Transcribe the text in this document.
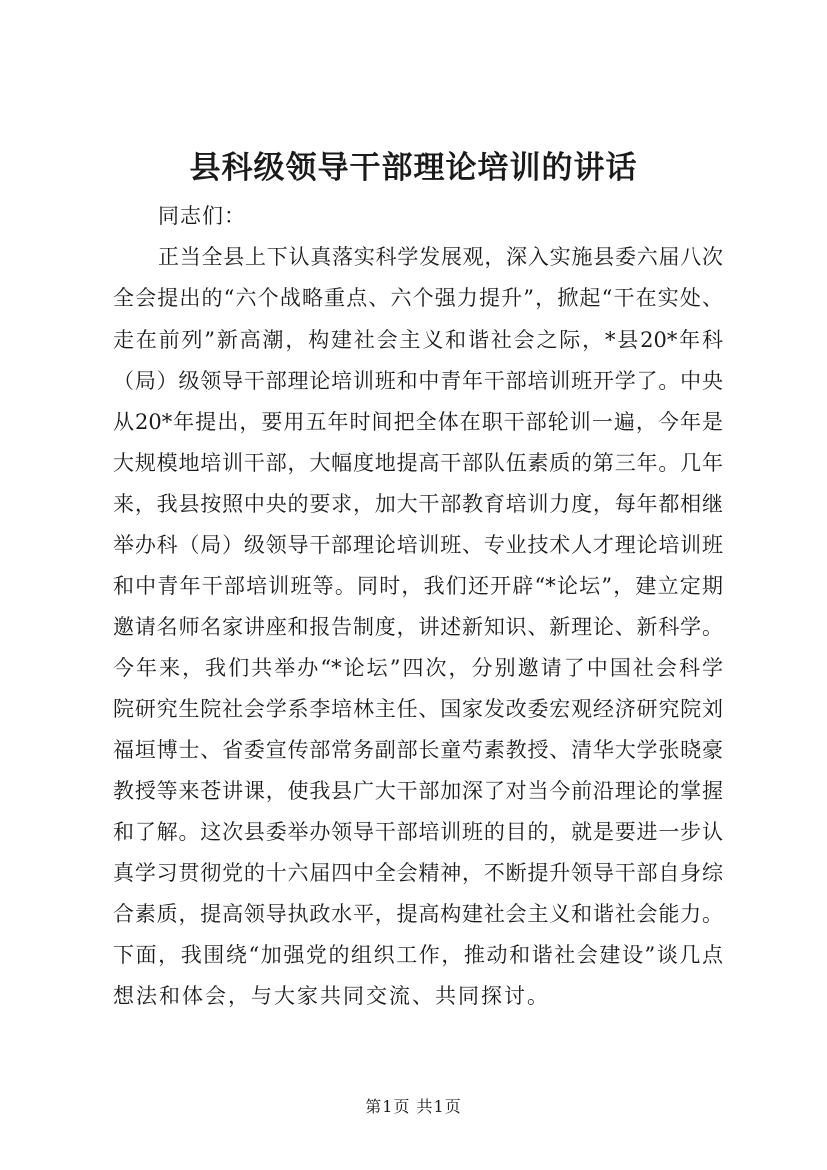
县科级领导干部理论培训的讲话
同志们：
正当全县上下认真落实科学发展观，深入实施县委六届八次
全会提出的“六个战略重点、六个强力提升”，掀起“干在实处、
走在前列”新高潮，构建社会主义和谐社会之际，*县20*年科
（局）级领导干部理论培训班和中青年干部培训班开学了。中央
从20*年提出，要用五年时间把全体在职干部轮训一遍，今年是
大规模地培训干部，大幅度地提高干部队伍素质的第三年。几年
来，我县按照中央的要求，加大干部教育培训力度，每年都相继
举办科（局）级领导干部理论培训班、专业技术人才理论培训班
和中青年干部培训班等。同时，我们还开辟“*论坛”，建立定期
邀请名师名家讲座和报告制度，讲述新知识、新理论、新科学。
今年来，我们共举办“*论坛”四次，分别邀请了中国社会科学
院研究生院社会学系李培林主任、国家发改委宏观经济研究院刘
福垣博士、省委宣传部常务副部长童芍素教授、清华大学张晓豪
教授等来苍讲课，使我县广大干部加深了对当今前沿理论的掌握
和了解。这次县委举办领导干部培训班的目的，就是要进一步认
真学习贯彻党的十六届四中全会精神，不断提升领导干部自身综
合素质，提高领导执政水平，提高构建社会主义和谐社会能力。
下面，我围绕“加强党的组织工作，推动和谐社会建设”谈几点
想法和体会，与大家共同交流、共同探讨。
第1页 共1页
